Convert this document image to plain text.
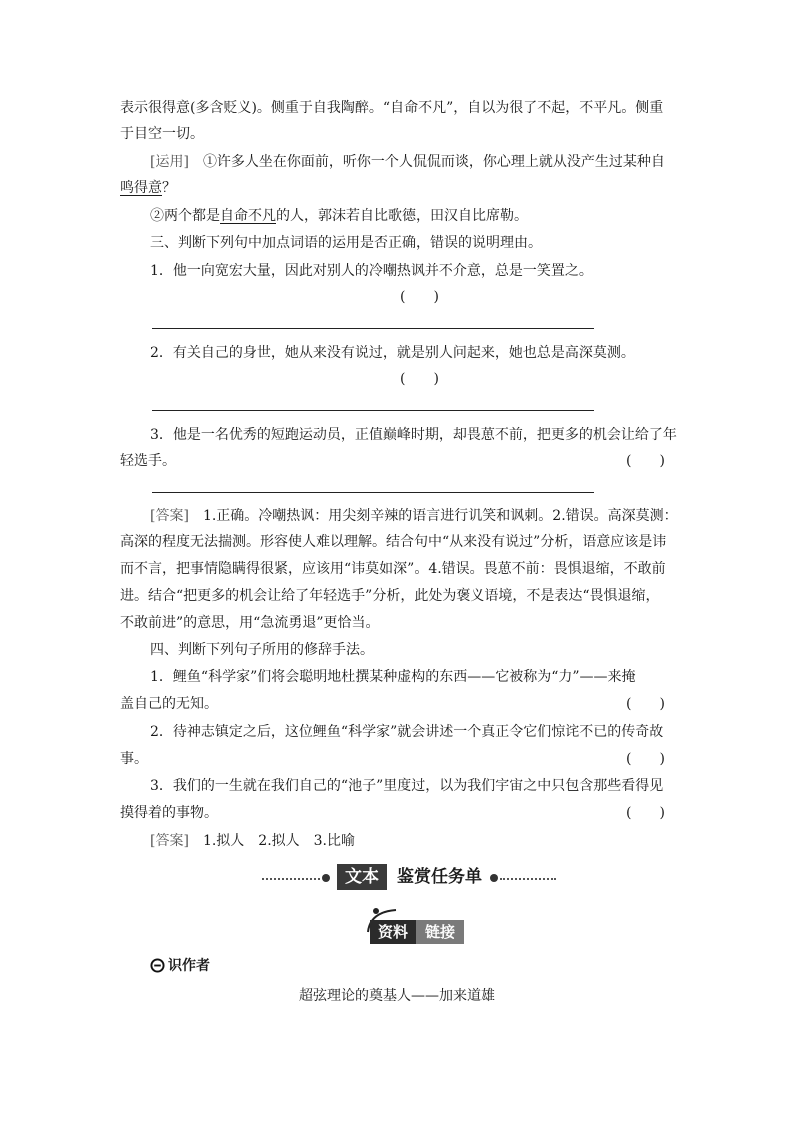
表示很得意(多含贬义)。侧重于自我陶醉。“自命不凡”，自以为很了不起，不平凡。侧重
于目空一切。
[运用]　 ①许多人坐在你面前，听你一个人侃侃而谈，你心理上就从没产生过某种自
鸣得意？
②两个都是自命不凡的人，郭沫若自比歌德，田汉自比席勒。
三、判断下列句中加点词语的运用是否正确，错误的说明理由。
1．他一向宽宏大量，因此对别人的冷嘲热讽并不介意，总是一笑置之。
(　　)
2．有关自己的身世，她从来没有说过，就是别人问起来，她也总是高深莫测。
(　　)
3．他是一名优秀的短跑运动员，正值巅峰时期，却畏葸不前，把更多的机会让给了年
轻选手。	(　　)
[答案]　 1.正确。冷嘲热讽：用尖刻辛辣的语言进行讥笑和讽刺。2.错误。高深莫测：
高深的程度无法揣测。形容使人难以理解。结合句中“从来没有说过”分析，语意应该是讳
而不言，把事情隐瞒得很紧，应该用“讳莫如深”。4.错误。畏葸不前：畏惧退缩，不敢前
进。结合“把更多的机会让给了年轻选手”分析，此处为褒义语境，不是表达“畏惧退缩，
不敢前进”的意思，用“急流勇退”更恰当。
四、判断下列句子所用的修辞手法。
1．鲤鱼“科学家”们将会聪明地杜撰某种虚构的东西——它被称为“力”——来掩
盖自己的无知。	(　　)
2．待神志镇定之后，这位鲤鱼“科学家”就会讲述一个真正令它们惊诧不已的传奇故
事。	(　　)
3．我们的一生就在我们自己的“池子”里度过，以为我们宇宙之中只包含那些看得见
摸得着的事物。	(　　)
[答案]　 1.拟人　2.拟人　3.比喻
文本	鉴赏任务单
资料	链接
识作者
超弦理论的奠基人——加来道雄
